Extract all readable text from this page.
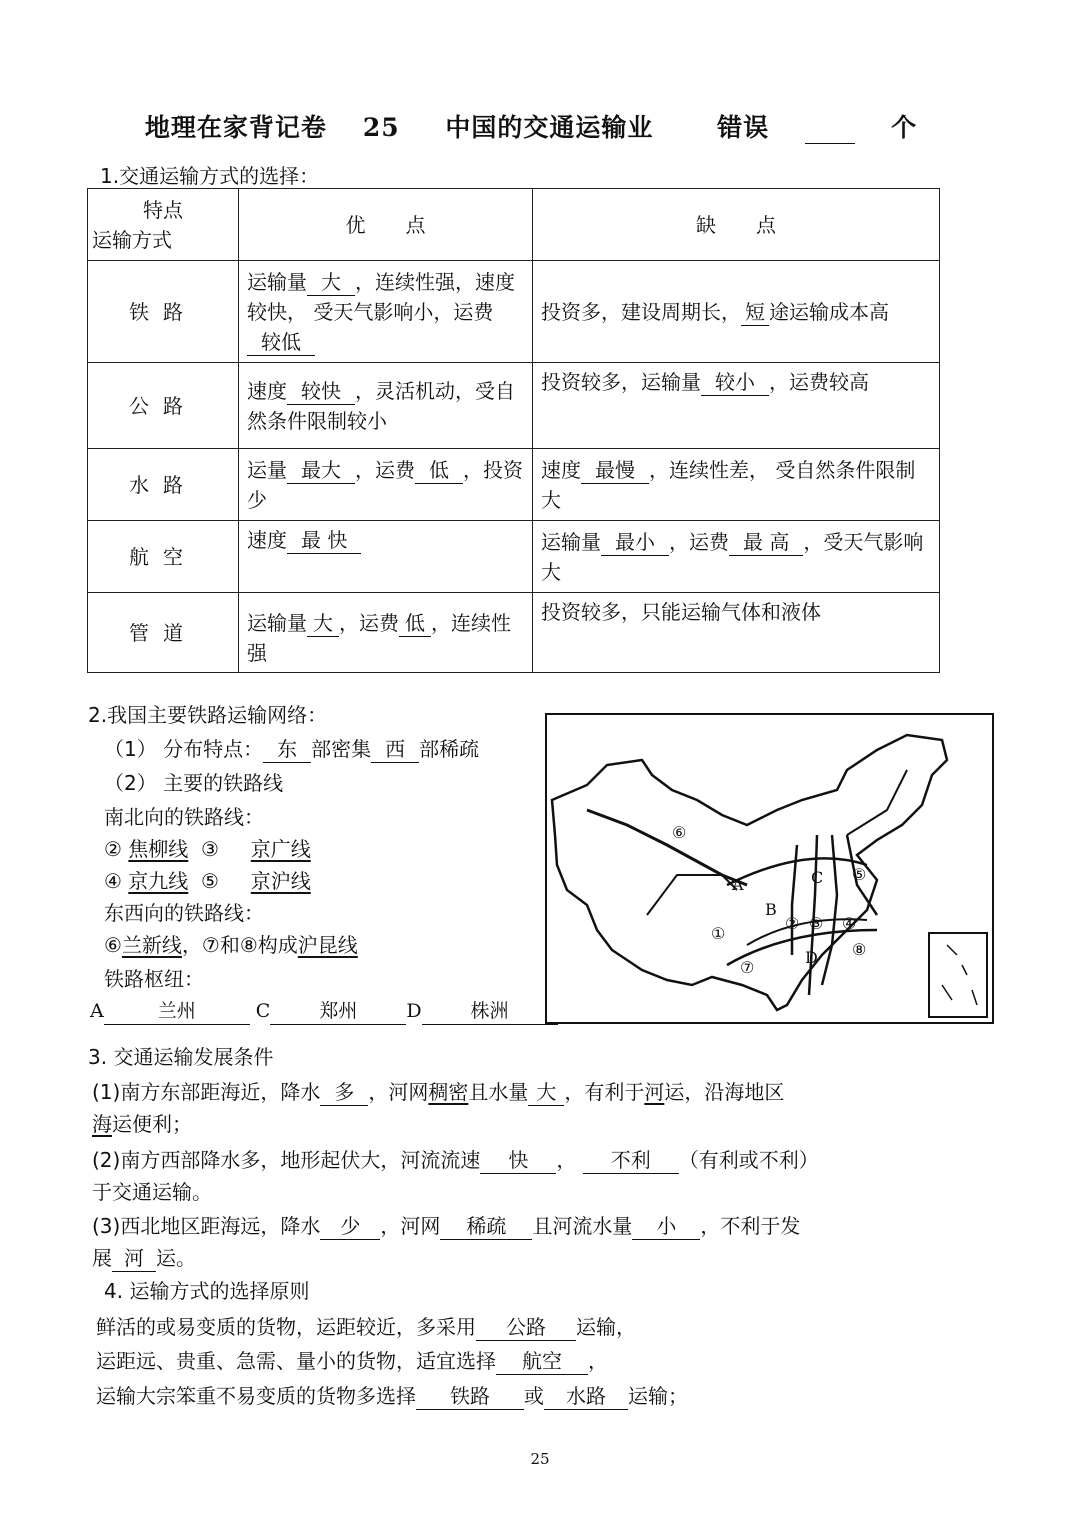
地理在家背记卷 25 中国的交通运输业	错误	个
1.交通运输方式的选择：
特点
运输方式	优　　点	缺　　点
铁路	运输量 大 ，连续性强，速度较快， 受天气影响小，运费较低	投资多，建设周期长， 短 途运输成本高
公路	速度 较快 ，灵活机动，受自然条件限制较小	投资较多，运输量 较小 ，运费较高
水路	运量 最大 ，运费 低 ，投资少	速度 最慢 ，连续性差， 受自然条件限制大
航空	速度 最 快	运输量 最小 ，运费 最 高 ，受天气影响大
管道	运输量 大 ，运费 低 ，连续性强	投资较多，只能运输气体和液体
2.我国主要铁路运输网络：
（1） 分布特点： 东 部密集 西 部稀疏
（2） 主要的铁路线
南北向的铁路线：
② 焦柳线 ③ 京广线
④ 京九线 ⑤ 京沪线
东西向的铁路线：
⑥兰新线，⑦和⑧构成沪昆线
铁路枢纽：
A	兰州	C	郑州	D	株洲
⑥
A
B
C ⑤
①
② ③ ④
⑧
D
⑦
3. 交通运输发展条件
(1)南方东部距海近，降水 多 ，河网稠密且水量 大 ，有利于河运，沿海地区
海运便利；
(2)南方西部降水多，地形起伏大，河流流速 快 ， 不利 （有利或不利）
于交通运输。
(3)西北地区距海远，降水 少 ，河网 稀疏 且河流水量 小 ，不利于发
展 河 运。
4. 运输方式的选择原则
鲜活的或易变质的货物，运距较近，多采用 公路 运输，
运距远、贵重、急需、量小的货物，适宜选择 航空 ，
运输大宗笨重不易变质的货物多选择 铁路 或 水路 运输；
25
